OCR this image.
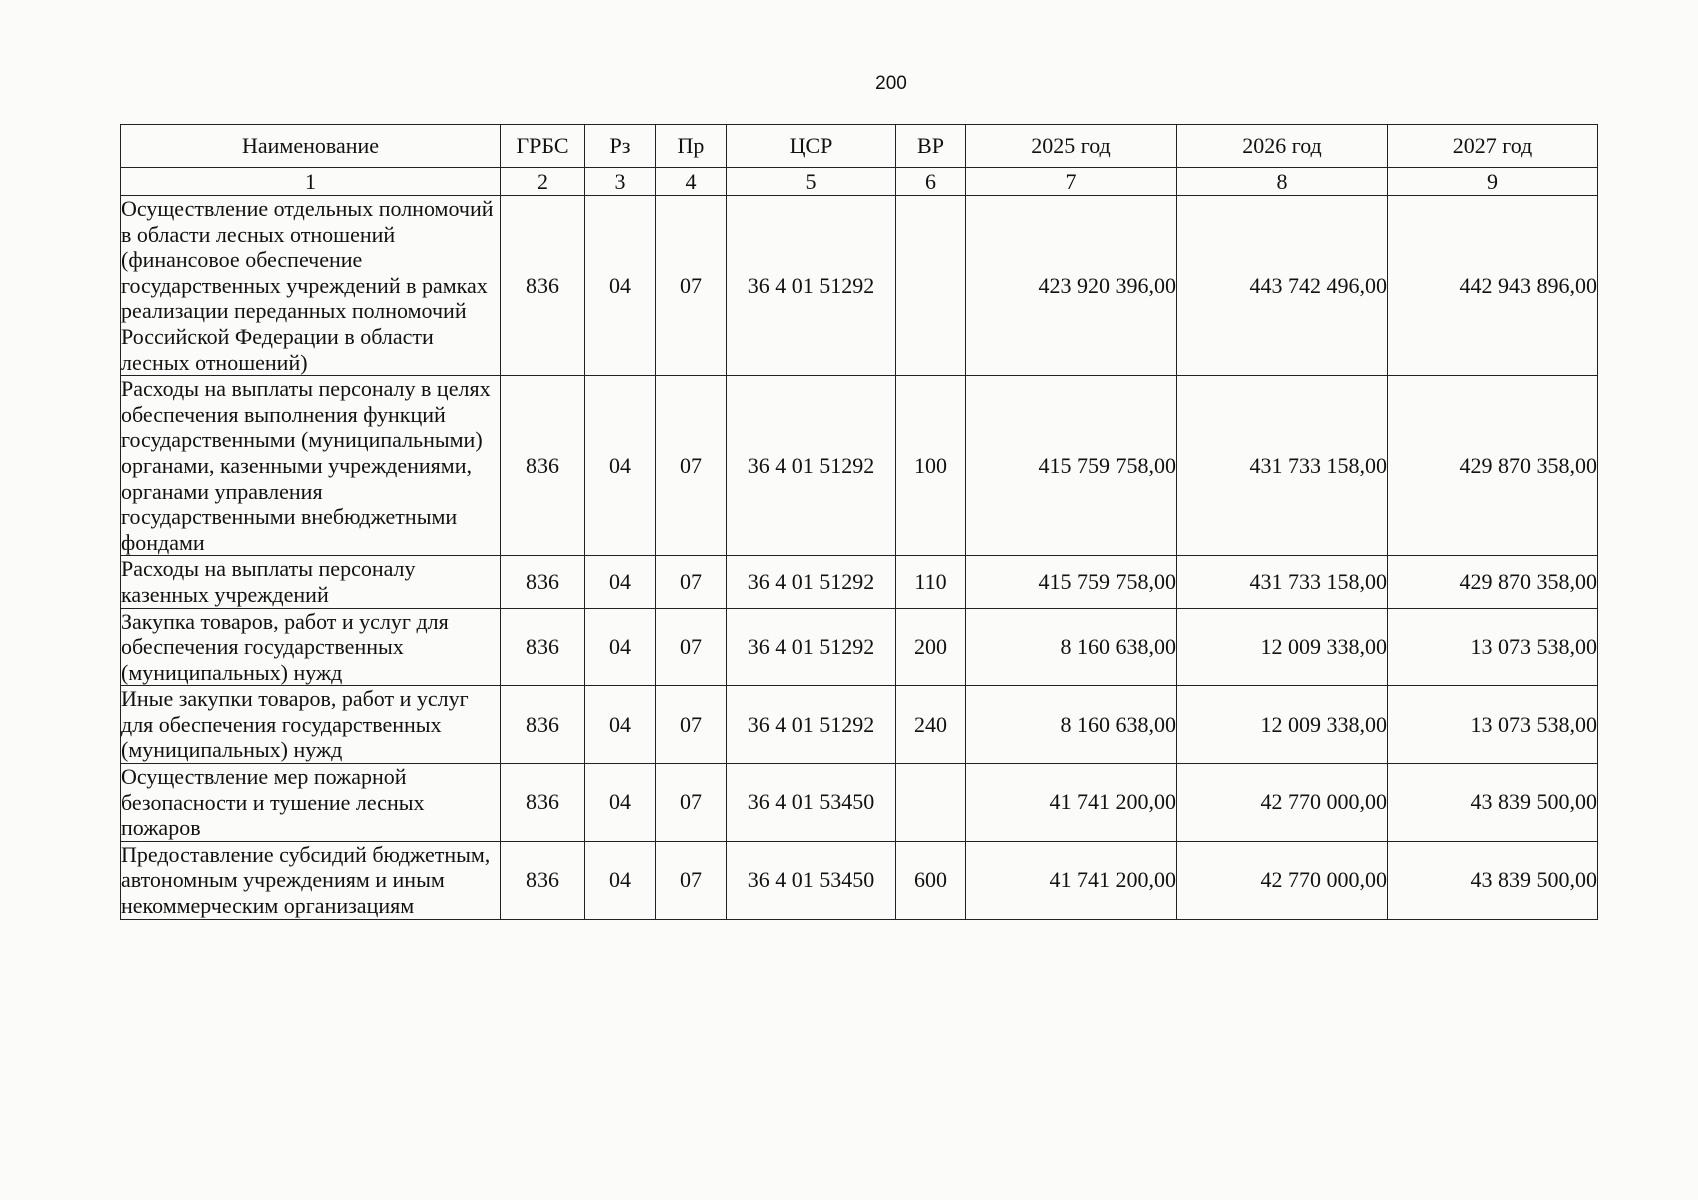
200
Наименование	ГРБС	Рз	Пр	ЦСР	ВР	2025 год	2026 год	2027 год
1	2	3	4	5	6	7	8	9
Осуществление отдельных полномочий в области лесных отношений (финансовое обеспечение государственных учреждений в рамках реализации переданных полномочий Российской Федерации в области лесных отношений)	836	04	07	36 4 01 51292		423 920 396,00	443 742 496,00	442 943 896,00
Расходы на выплаты персоналу в целях обеспечения выполнения функций государственными (муниципальными) органами, казенными учреждениями, органами управления государственными внебюджетными фондами	836	04	07	36 4 01 51292	100	415 759 758,00	431 733 158,00	429 870 358,00
Расходы на выплаты персоналу казенных учреждений	836	04	07	36 4 01 51292	110	415 759 758,00	431 733 158,00	429 870 358,00
Закупка товаров, работ и услуг для обеспечения государственных (муниципальных) нужд	836	04	07	36 4 01 51292	200	8 160 638,00	12 009 338,00	13 073 538,00
Иные закупки товаров, работ и услуг для обеспечения государственных (муниципальных) нужд	836	04	07	36 4 01 51292	240	8 160 638,00	12 009 338,00	13 073 538,00
Осуществление мер пожарной безопасности и тушение лесных пожаров	836	04	07	36 4 01 53450		41 741 200,00	42 770 000,00	43 839 500,00
Предоставление субсидий бюджетным, автономным учреждениям и иным некоммерческим организациям	836	04	07	36 4 01 53450	600	41 741 200,00	42 770 000,00	43 839 500,00
